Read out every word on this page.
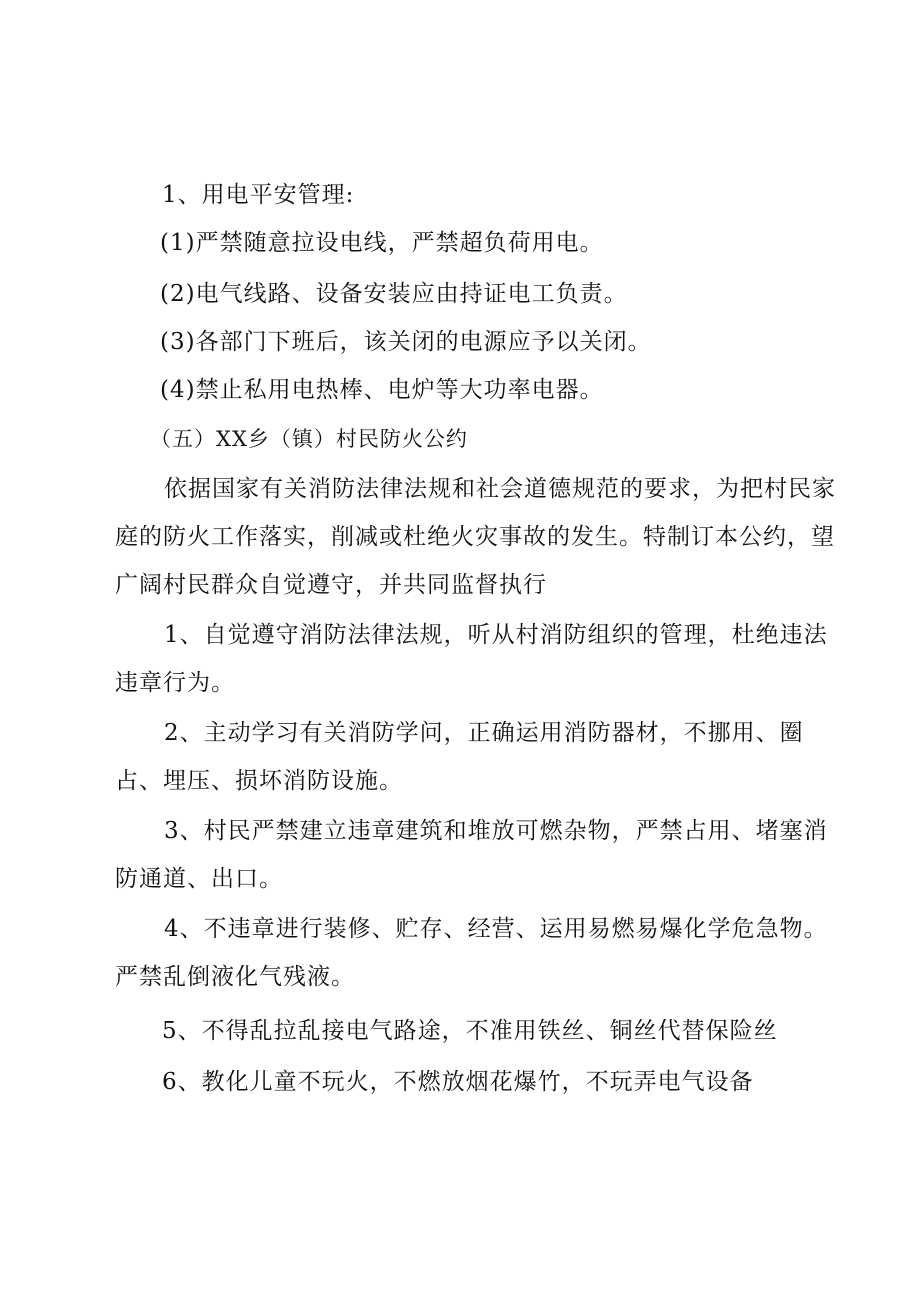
1、用电平安管理:
(1)严禁随意拉设电线，严禁超负荷用电。
(2)电气线路、设备安装应由持证电工负责。
(3)各部门下班后，该关闭的电源应予以关闭。
(4)禁止私用电热棒、电炉等大功率电器。
（五）XX乡（镇）村民防火公约
依据国家有关消防法律法规和社会道德规范的要求，为把村民家
庭的防火工作落实，削减或杜绝火灾事故的发生。特制订本公约，望
广阔村民群众自觉遵守，并共同监督执行
1、自觉遵守消防法律法规，听从村消防组织的管理，杜绝违法
违章行为。
2、主动学习有关消防学问，正确运用消防器材，不挪用、圈
占、埋压、损坏消防设施。
3、村民严禁建立违章建筑和堆放可燃杂物，严禁占用、堵塞消
防通道、出口。
4、不违章进行装修、贮存、经营、运用易燃易爆化学危急物。
严禁乱倒液化气残液。
5、不得乱拉乱接电气路途，不准用铁丝、铜丝代替保险丝
6、教化儿童不玩火，不燃放烟花爆竹，不玩弄电气设备
